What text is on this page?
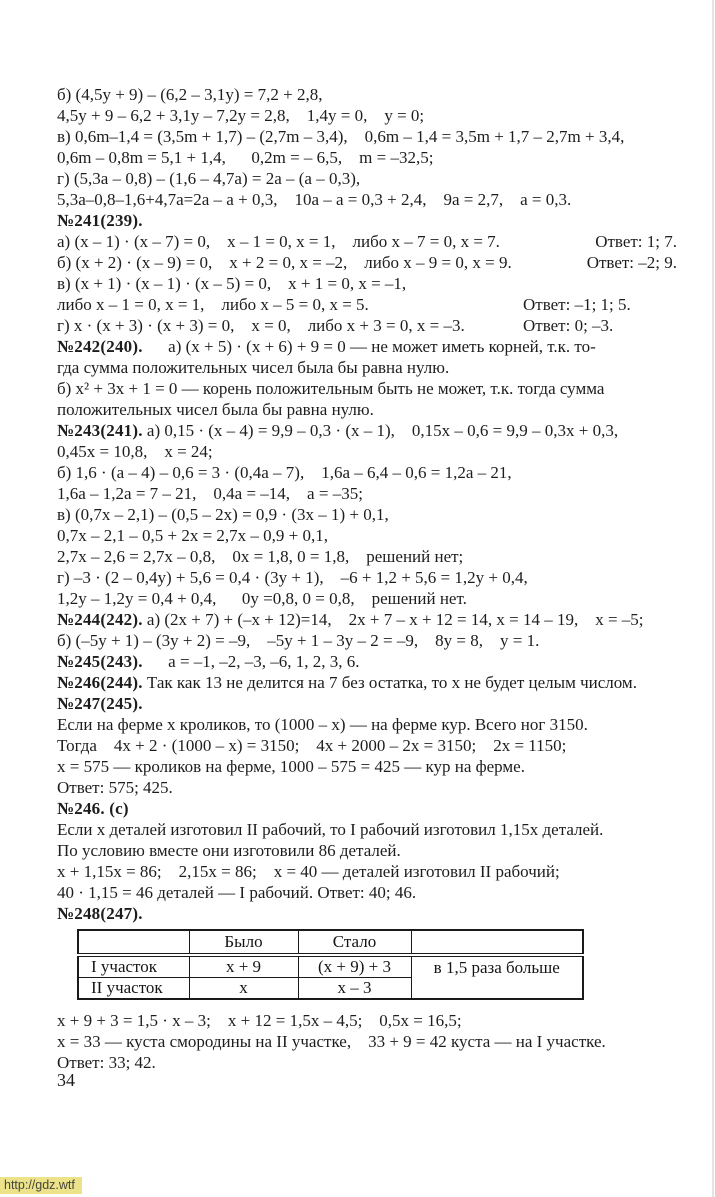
б) (4,5y + 9) – (6,2 – 3,1y) = 7,2 + 2,8,
4,5y + 9 – 6,2 + 3,1y – 7,2y = 2,8,   1,4y = 0,   y = 0;
в) 0,6m–1,4 = (3,5m + 1,7) – (2,7m – 3,4),   0,6m – 1,4 = 3,5m + 1,7 – 2,7m + 3,4,
0,6m – 0,8m = 5,1 + 1,4,   0,2m = – 6,5,   m = –32,5;
г) (5,3a – 0,8) – (1,6 – 4,7a) = 2a – (a – 0,3),
5,3a–0,8–1,6+4,7a=2a – a + 0,3,   10a – a = 0,3 + 2,4,   9a = 2,7,   a = 0,3.
№241(239).
а) (x – 1) · (x – 7) = 0,   x – 1 = 0, x = 1,   либо x – 7 = 0, x = 7.	Ответ: 1; 7.
б) (x + 2) · (x – 9) = 0,   x + 2 = 0, x = –2,   либо x – 9 = 0, x = 9.	Ответ: –2; 9.
в) (x + 1) · (x – 1) · (x – 5) = 0,   x + 1 = 0, x = –1,
либо x – 1 = 0, x = 1,   либо x – 5 = 0, x = 5.	Ответ: –1; 1; 5.
г) x · (x + 3) · (x + 3) = 0,   x = 0,   либо x + 3 = 0, x = –3.	Ответ: 0; –3.
№242(240).  а) (x + 5) · (x + 6) + 9 = 0 — не может иметь корней, т.к. то-
гда сумма положительных чисел была бы равна нулю.
б) x² + 3x + 1 = 0 — корень положительным быть не может, т.к. тогда сумма
положительных чисел была бы равна нулю.
№243(241). а) 0,15 · (x – 4) = 9,9 – 0,3 · (x – 1),   0,15x – 0,6 = 9,9 – 0,3x + 0,3,
0,45x = 10,8,   x = 24;
б) 1,6 · (a – 4) – 0,6 = 3 · (0,4a – 7),   1,6a – 6,4 – 0,6 = 1,2a – 21,
1,6a – 1,2a = 7 – 21,   0,4a = –14,   a = –35;
в) (0,7x – 2,1) – (0,5 – 2x) = 0,9 · (3x – 1) + 0,1,
0,7x – 2,1 – 0,5 + 2x = 2,7x – 0,9 + 0,1,
2,7x – 2,6 = 2,7x – 0,8,   0x = 1,8, 0 = 1,8,   решений нет;
г) –3 · (2 – 0,4y) + 5,6 = 0,4 · (3y + 1),   –6 + 1,2 + 5,6 = 1,2y + 0,4,
1,2y – 1,2y = 0,4 + 0,4,   0y =0,8, 0 = 0,8,   решений нет.
№244(242). а) (2x + 7) + (–x + 12)=14,   2x + 7 – x + 12 = 14, x = 14 – 19,   x = –5;
б) (–5y + 1) – (3y + 2) = –9,   –5y + 1 – 3y – 2 = –9,   8y = 8,   y = 1.
№245(243).  a = –1, –2, –3, –6, 1, 2, 3, 6.
№246(244). Так как 13 не делится на 7 без остатка, то x не будет целым числом.
№247(245).
Если на ферме x кроликов, то (1000 – x) — на ферме кур. Всего ног 3150.
Тогда   4x + 2 · (1000 – x) = 3150;   4x + 2000 – 2x = 3150;   2x = 1150;
x = 575 — кроликов на ферме, 1000 – 575 = 425 — кур на ферме.
Ответ: 575; 425.
№246. (с)
Если x деталей изготовил II рабочий, то I рабочий изготовил 1,15x деталей.
По условию вместе они изготовили 86 деталей.
x + 1,15x = 86;   2,15x = 86;   x = 40 — деталей изготовил II рабочий;
40 · 1,15 = 46 деталей — I рабочий. Ответ: 40; 46.
№248(247).
	Было	Стало	
I участок	x + 9	(x + 9) + 3	в 1,5 раза больше
II участок	x	x – 3	
x + 9 + 3 = 1,5 · x – 3;   x + 12 = 1,5x – 4,5;   0,5x = 16,5;
x = 33 — куста смородины на II участке,   33 + 9 = 42 куста — на I участке.
Ответ: 33; 42.
34
http://gdz.wtf
